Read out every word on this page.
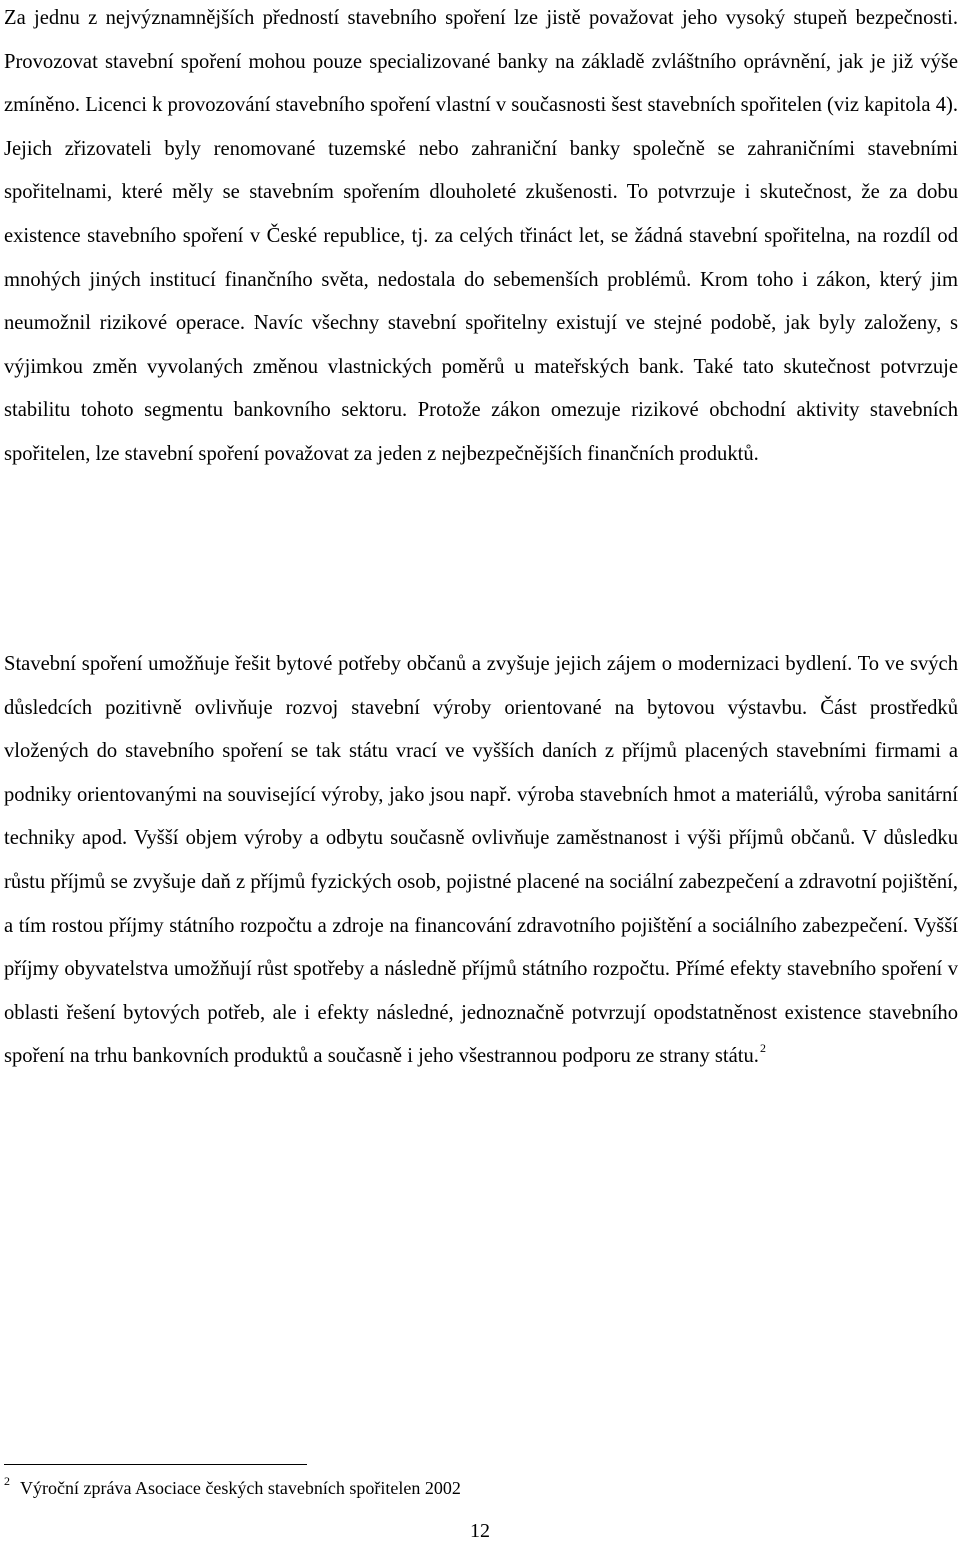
Za jednu z nejvýznamnějších předností stavebního spoření lze jistě považovat jeho vysoký stupeň bezpečnosti. Provozovat stavební spoření mohou pouze specializované banky na základě zvláštního oprávnění, jak je již výše zmíněno. Licenci k provozování stavebního spoření vlastní v současnosti šest stavebních spořitelen (viz kapitola 4). Jejich zřizovateli byly renomované tuzemské nebo zahraniční banky společně se zahraničními stavebními spořitelnami, které měly se stavebním spořením dlouholeté zkušenosti. To potvrzuje i skutečnost, že za dobu existence stavebního spoření v České republice, tj. za celých třináct let, se žádná stavební spořitelna, na rozdíl od mnohých jiných institucí finančního světa, nedostala do sebemenších problémů. Krom toho i zákon, který jim neumožnil rizikové operace. Navíc všechny stavební spořitelny existují ve stejné podobě, jak byly založeny, s výjimkou změn vyvolaných změnou vlastnických poměrů u mateřských bank. Také tato skutečnost potvrzuje stabilitu tohoto segmentu bankovního sektoru. Protože zákon omezuje rizikové obchodní aktivity stavebních spořitelen, lze stavební spoření považovat za jeden z nejbezpečnějších finančních produktů.

Stavební spoření umožňuje řešit bytové potřeby občanů a zvyšuje jejich zájem o modernizaci bydlení. To ve svých důsledcích pozitivně ovlivňuje rozvoj stavební výroby orientované na bytovou výstavbu. Část prostředků vložených do stavebního spoření se tak státu vrací ve vyšších daních z příjmů placených stavebními firmami a podniky orientovanými na související výroby, jako jsou např. výroba stavebních hmot a materiálů, výroba sanitární techniky apod. Vyšší objem výroby a odbytu současně ovlivňuje zaměstnanost i výši příjmů občanů. V důsledku růstu příjmů se zvyšuje daň z příjmů fyzických osob, pojistné placené na sociální zabezpečení a zdravotní pojištění, a tím rostou příjmy státního rozpočtu a zdroje na financování zdravotního pojištění a sociálního zabezpečení. Vyšší příjmy obyvatelstva umožňují růst spotřeby a následně příjmů státního rozpočtu. Přímé efekty stavebního spoření v oblasti řešení bytových potřeb, ale i efekty následné, jednoznačně potvrzují opodstatněnost existence stavebního spoření na trhu bankovních produktů a současně i jeho všestrannou podporu ze strany státu.$^2$

$^2$ Výroční zpráva Asociace českých stavebních spořitelen 2002
12
